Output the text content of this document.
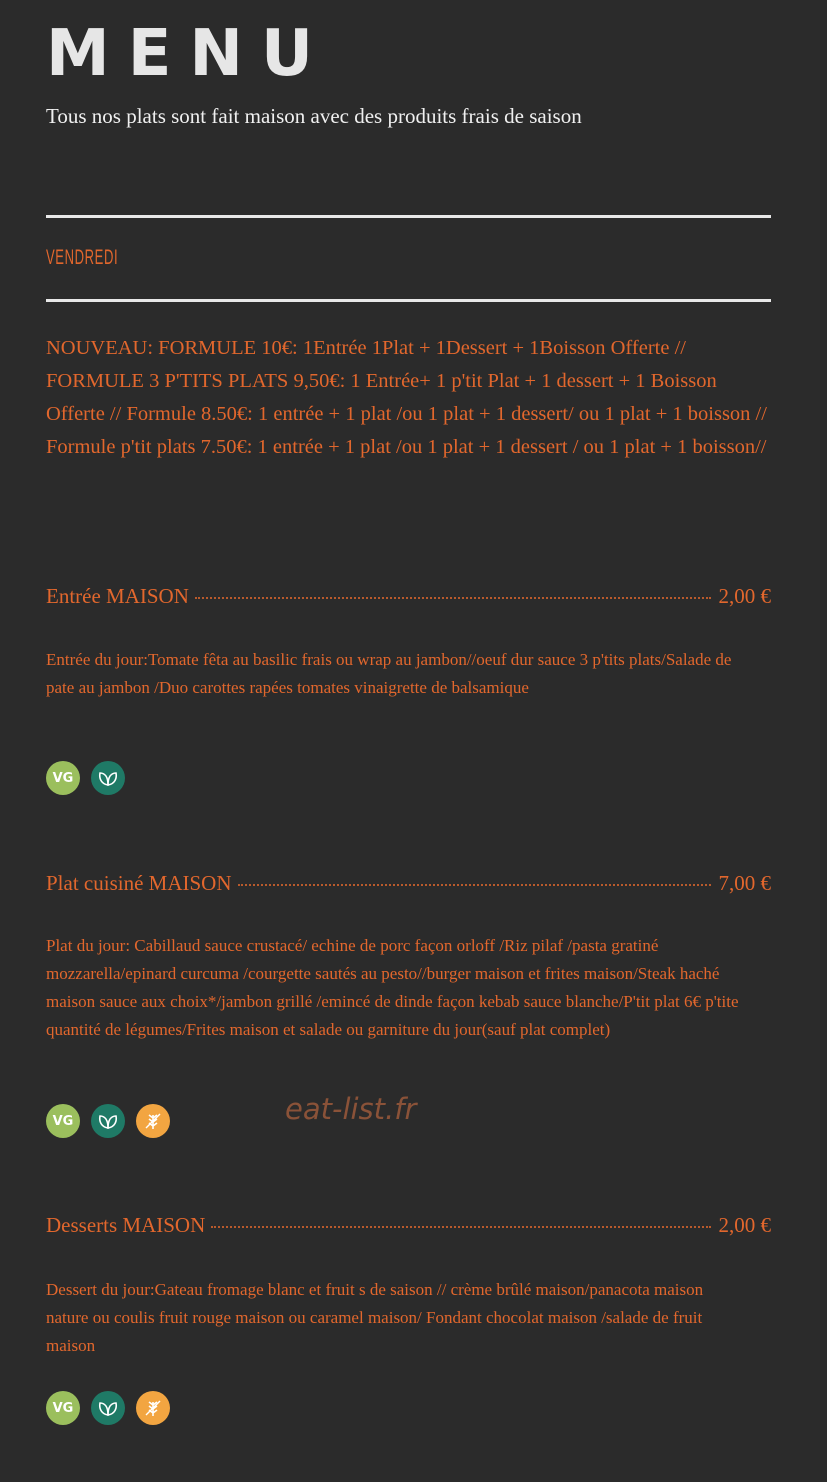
MENU

Tous nos plats sont fait maison avec des produits frais de saison

VENDREDI

NOUVEAU: FORMULE 10€: 1Entrée 1Plat + 1Dessert + 1Boisson Offerte // FORMULE 3 P'TITS PLATS 9,50€: 1 Entrée+ 1 p'tit Plat + 1 dessert + 1 Boisson Offerte // Formule 8.50€: 1 entrée + 1 plat /ou 1 plat + 1 dessert/ ou 1 plat + 1 boisson // Formule p'tit plats 7.50€: 1 entrée + 1 plat /ou 1 plat + 1 dessert / ou 1 plat + 1 boisson//

Entrée MAISON	2,00 €

Entrée du jour:Tomate fêta au basilic frais ou wrap au jambon//oeuf dur sauce 3 p'tits plats/Salade de pate au jambon /Duo carottes rapées tomates vinaigrette de balsamique

VG
Plat cuisiné MAISON	7,00 €

Plat du jour: Cabillaud sauce crustacé/ echine de porc façon orloff /Riz pilaf /pasta gratiné mozzarella/epinard curcuma /courgette sautés au pesto//burger maison et frites maison/Steak haché maison sauce aux choix*/jambon grillé /emincé de dinde façon kebab sauce blanche/P'tit plat 6€ p'tite quantité de légumes/Frites maison et salade ou garniture du jour(sauf plat complet)

VG	eat-list.fr
Desserts MAISON	2,00 €

Dessert du jour:Gateau fromage blanc et fruit s de saison // crème brûlé maison/panacota maison nature ou coulis fruit rouge maison ou caramel maison/ Fondant chocolat maison /salade de fruit maison

VG
